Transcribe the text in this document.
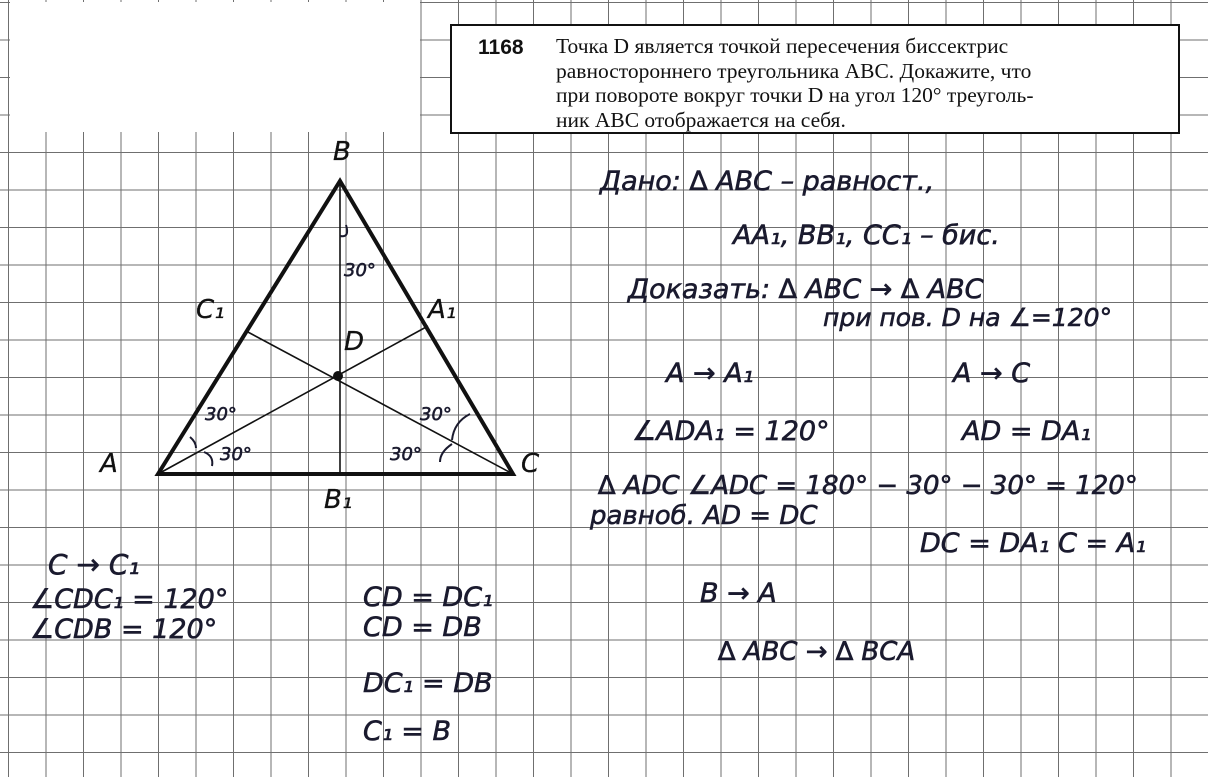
1168 Точка D является точкой пересечения биссектрис
равностороннего треугольника ABC. Докажите, что
при повороте вокруг точки D на угол 120° треуголь-
ник ABC отображается на себя.
B
A	C
C₁	A₁
B₁
D
30°
30°
30°
30°
30°
Дано: ∆ ABC – равност.,
AA₁, BB₁, CC₁ – бис.
Доказать: ∆ ABC → ∆ ABC
при пов. D на ∠=120°
A → A₁	A → C
∠ADA₁ = 120°	AD = DA₁
∆ ADC ∠ADC = 180° − 30° − 30° = 120°
равноб. AD = DC
DC = DA₁ C = A₁
B → A
∆ ABC → ∆ BCA
C → C₁
∠CDC₁ = 120°
∠CDB = 120°
CD = DC₁
CD = DB
DC₁ = DB
C₁ = B
